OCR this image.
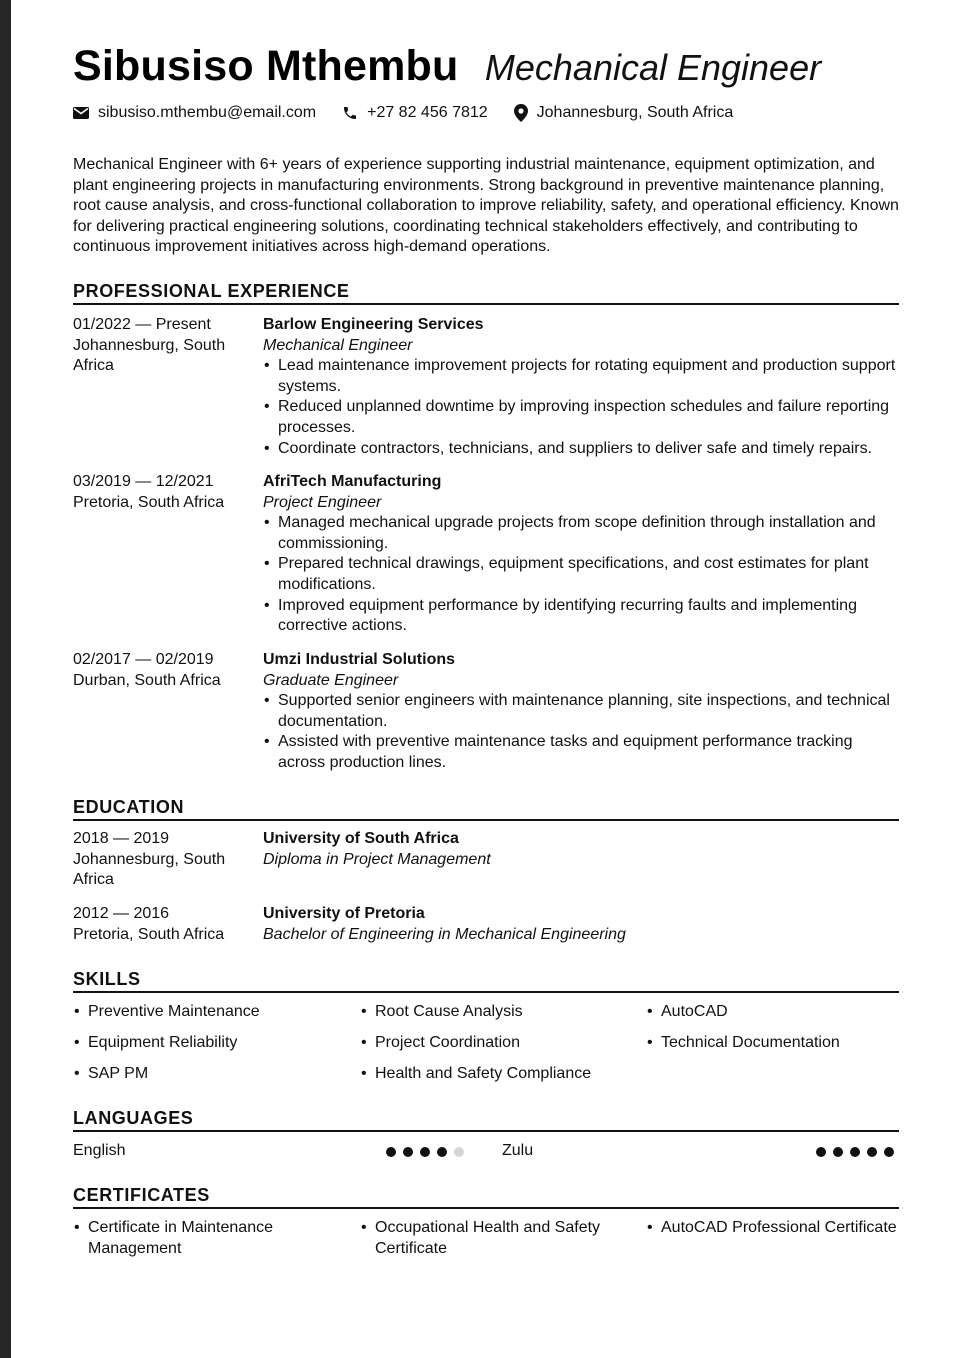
Sibusiso Mthembu Mechanical Engineer
sibusiso.mthembu@email.com	+27 82 456 7812	Johannesburg, South Africa
Mechanical Engineer with 6+ years of experience supporting industrial maintenance, equipment optimization, and plant engineering projects in manufacturing environments. Strong background in preventive maintenance planning, root cause analysis, and cross-functional collaboration to improve reliability, safety, and operational efficiency. Known for delivering practical engineering solutions, coordinating technical stakeholders effectively, and contributing to continuous improvement initiatives across high-demand operations.
PROFESSIONAL EXPERIENCE
01/2022 — Present
Johannesburg, South Africa
Barlow Engineering Services
Mechanical Engineer
• Lead maintenance improvement projects for rotating equipment and production support systems.
• Reduced unplanned downtime by improving inspection schedules and failure reporting processes.
• Coordinate contractors, technicians, and suppliers to deliver safe and timely repairs.
03/2019 — 12/2021
Pretoria, South Africa
AfriTech Manufacturing
Project Engineer
• Managed mechanical upgrade projects from scope definition through installation and commissioning.
• Prepared technical drawings, equipment specifications, and cost estimates for plant modifications.
• Improved equipment performance by identifying recurring faults and implementing corrective actions.
02/2017 — 02/2019
Durban, South Africa
Umzi Industrial Solutions
Graduate Engineer
• Supported senior engineers with maintenance planning, site inspections, and technical documentation.
• Assisted with preventive maintenance tasks and equipment performance tracking across production lines.
EDUCATION
2018 — 2019
Johannesburg, South Africa
University of South Africa
Diploma in Project Management
2012 — 2016
Pretoria, South Africa
University of Pretoria
Bachelor of Engineering in Mechanical Engineering
SKILLS
• Preventive Maintenance	• Root Cause Analysis	• AutoCAD
• Equipment Reliability	• Project Coordination	• Technical Documentation
• SAP PM	• Health and Safety Compliance
LANGUAGES
English	Zulu
CERTIFICATES
• Certificate in Maintenance Management
• Occupational Health and Safety Certificate
• AutoCAD Professional Certificate
